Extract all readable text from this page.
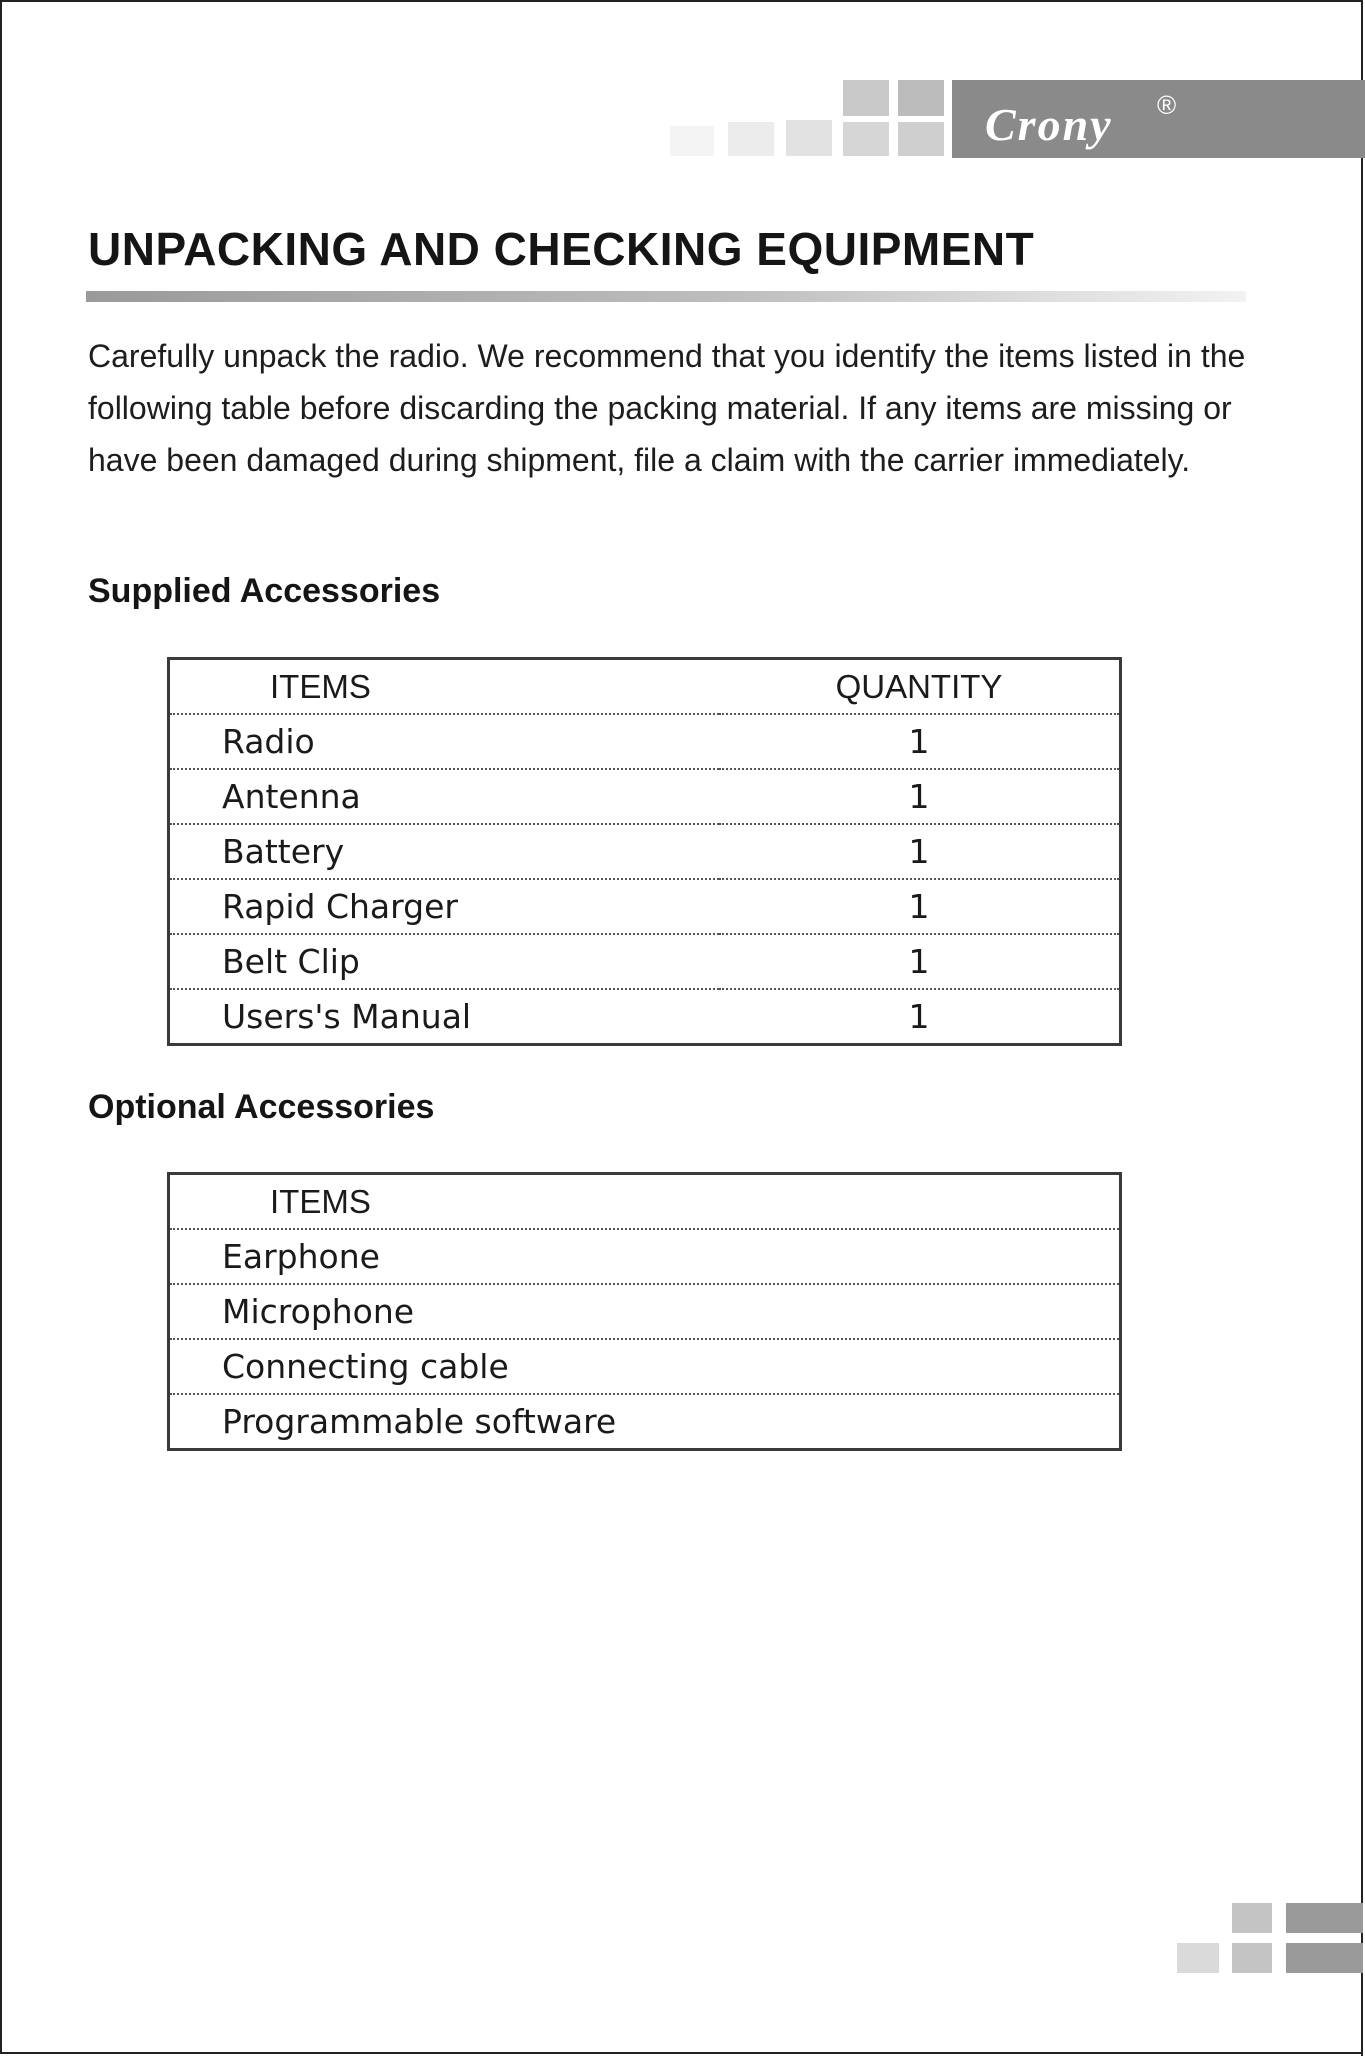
Crony ®
UNPACKING AND CHECKING EQUIPMENT

Carefully unpack the radio. We recommend that you identify the items listed in the following table before discarding the packing material. If any items are missing or have been damaged during shipment, file a claim with the carrier immediately.

Supplied Accessories
ITEMS	QUANTITY
Radio	1
Antenna	1
Battery	1
Rapid Charger	1
Belt Clip	1
Users's Manual	1
Optional Accessories
ITEMS
Earphone
Microphone
Connecting cable
Programmable software
